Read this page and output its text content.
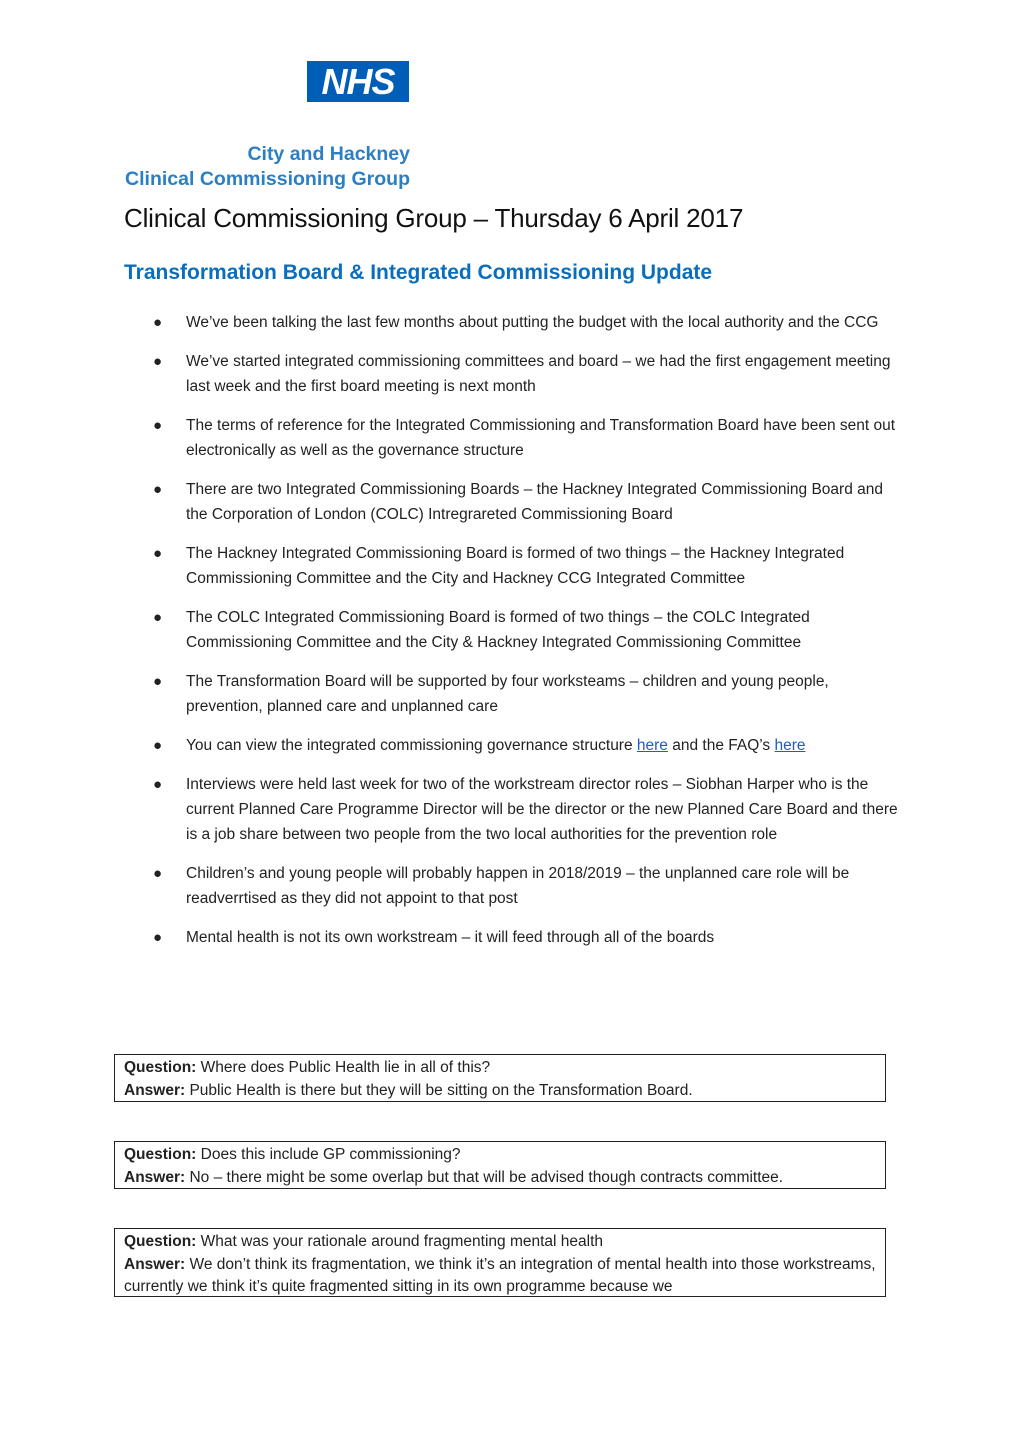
NHS
City and Hackney
Clinical Commissioning Group
Clinical Commissioning Group – Thursday 6 April 2017
Transformation Board & Integrated Commissioning Update
● We’ve been talking the last few months about putting the budget with the local authority and the CCG
● We’ve started integrated commissioning committees and board – we had the first engagement meeting last week and the first board meeting is next month
● The terms of reference for the Integrated Commissioning and Transformation Board have been sent out electronically as well as the governance structure
● There are two Integrated Commissioning Boards – the Hackney Integrated Commissioning Board and the Corporation of London (COLC) Intregrareted Commissioning Board
● The Hackney Integrated Commissioning Board is formed of two things – the Hackney Integrated Commissioning Committee and the City and Hackney CCG Integrated Committee
● The COLC Integrated Commissioning Board is formed of two things – the COLC Integrated Commissioning Committee and the City & Hackney Integrated Commissioning Committee
● The Transformation Board will be supported by four worksteams – children and young people, prevention, planned care and unplanned care
● You can view the integrated commissioning governance structure here and the FAQ’s here
● Interviews were held last week for two of the workstream director roles – Siobhan Harper who is the current Planned Care Programme Director will be the director or the new Planned Care Board and there is a job share between two people from the two local authorities for the prevention role
● Children’s and young people will probably happen in 2018/2019 – the unplanned care role will be readverrtised as they did not appoint to that post
● Mental health is not its own workstream – it will feed through all of the boards
Question: Where does Public Health lie in all of this?
Answer: Public Health is there but they will be sitting on the Transformation Board.
Question: Does this include GP commissioning?
Answer: No – there might be some overlap but that will be advised though contracts committee.
Question: What was your rationale around fragmenting mental health
Answer: We don’t think its fragmentation, we think it’s an integration of mental health into those workstreams, currently we think it’s quite fragmented sitting in its own programme because we
